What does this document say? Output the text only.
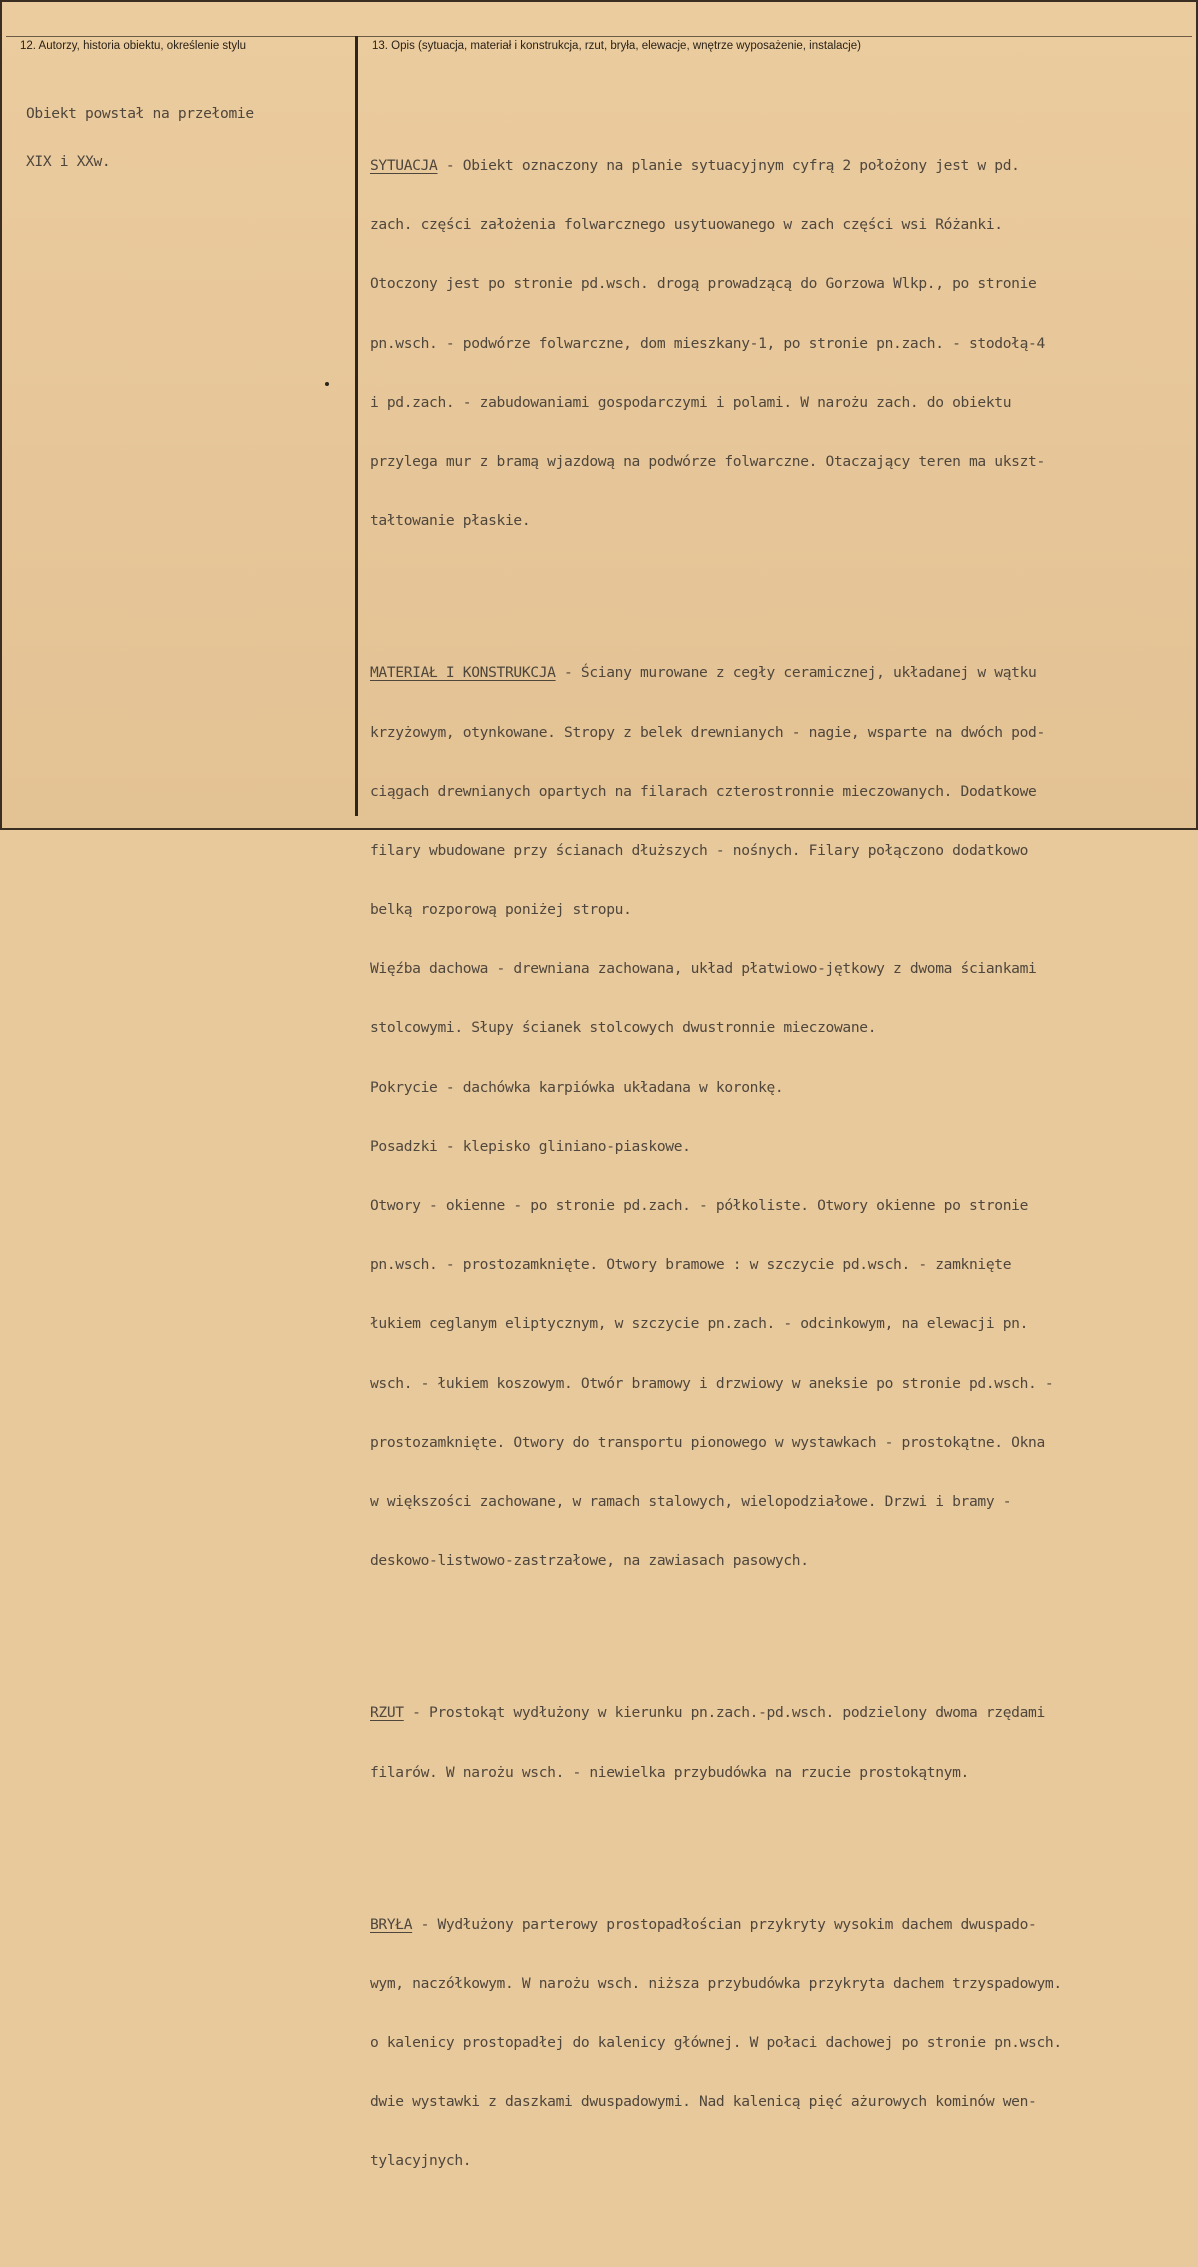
12. Autorzy, historia obiektu, określenie stylu	13. Opis (sytuacja, materiał i konstrukcja, rzut, bryła, elewacje, wnętrze wyposażenie, instalacje)

Obiekt powstał na przełomie

XIX i XXw.

	SYTUACJA - Obiekt oznaczony na planie sytuacyjnym cyfrą 2 położony jest w pd.

zach. części założenia folwarcznego usytuowanego w zach części wsi Różanki.

Otoczony jest po stronie pd.wsch. drogą prowadzącą do Gorzowa Wlkp., po stronie

pn.wsch. - podwórze folwarczne, dom mieszkany-1, po stronie pn.zach. - stodołą-4

i pd.zach. - zabudowaniami gospodarczymi i polami. W narożu zach. do obiektu

przylega mur z bramą wjazdową na podwórze folwarczne. Otaczający teren ma ukszt-

tałtowanie płaskie.

MATERIAŁ I KONSTRUKCJA - Ściany murowane z cegły ceramicznej, układanej w wątku

krzyżowym, otynkowane. Stropy z belek drewnianych - nagie, wsparte na dwóch pod-

ciągach drewnianych opartych na filarach czterostronnie mieczowanych. Dodatkowe

filary wbudowane przy ścianach dłuższych - nośnych. Filary połączono dodatkowo

belką rozporową poniżej stropu.

Więźba dachowa - drewniana zachowana, układ płatwiowo-jętkowy z dwoma ściankami

stolcowymi. Słupy ścianek stolcowych dwustronnie mieczowane.

Pokrycie - dachówka karpiówka układana w koronkę.

Posadzki - klepisko gliniano-piaskowe.

Otwory - okienne - po stronie pd.zach. - półkoliste. Otwory okienne po stronie

pn.wsch. - prostozamknięte. Otwory bramowe : w szczycie pd.wsch. - zamknięte

łukiem ceglanym eliptycznym, w szczycie pn.zach. - odcinkowym, na elewacji pn.

wsch. - łukiem koszowym. Otwór bramowy i drzwiowy w aneksie po stronie pd.wsch. -

prostozamknięte. Otwory do transportu pionowego w wystawkach - prostokątne. Okna

w większości zachowane, w ramach stalowych, wielopodziałowe. Drzwi i bramy -

deskowo-listwowo-zastrzałowe, na zawiasach pasowych.

RZUT - Prostokąt wydłużony w kierunku pn.zach.-pd.wsch. podzielony dwoma rzędami

filarów. W narożu wsch. - niewielka przybudówka na rzucie prostokątnym.

BRYŁA - Wydłużony parterowy prostopadłościan przykryty wysokim dachem dwuspado-

wym, naczółkowym. W narożu wsch. niższa przybudówka przykryta dachem trzyspadowym.

o kalenicy prostopadłej do kalenicy głównej. W połaci dachowej po stronie pn.wsch.

dwie wystawki z daszkami dwuspadowymi. Nad kalenicą pięć ażurowych kominów wen-

tylacyjnych.
